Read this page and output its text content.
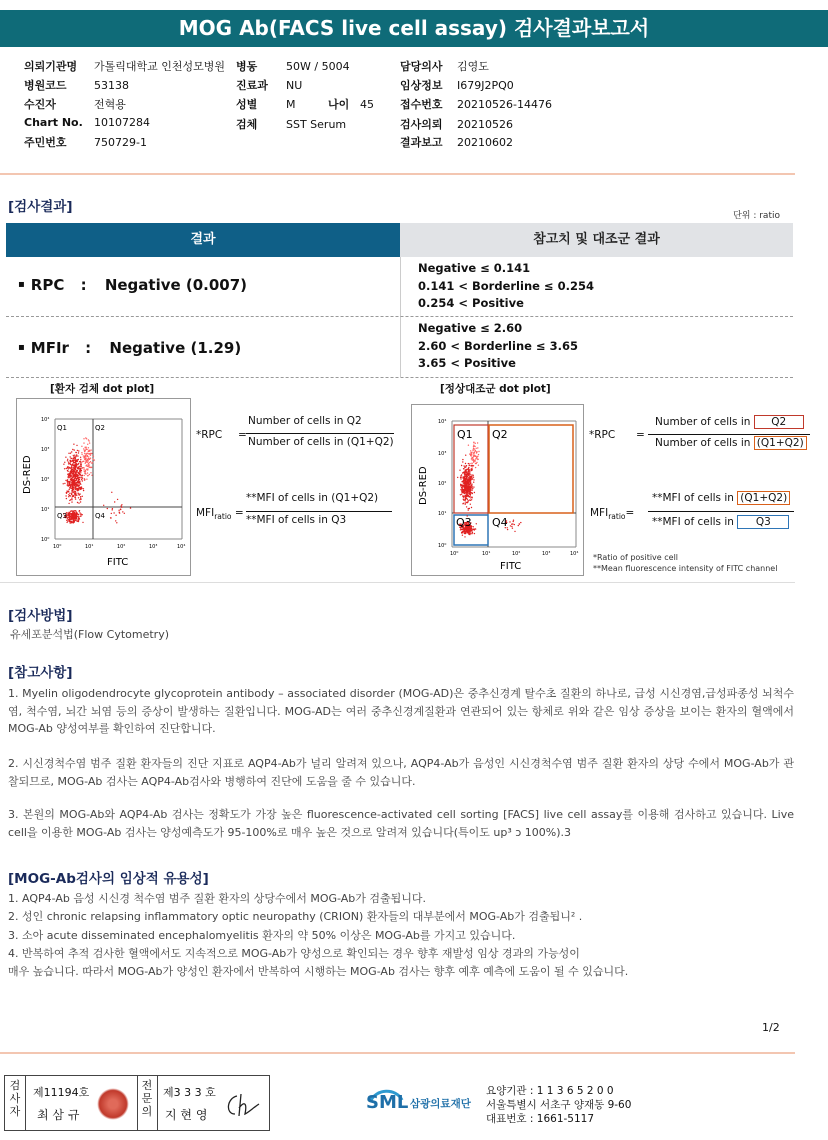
MOG Ab(FACS live cell assay) 검사결과보고서
의뢰기관명 가톨릭대학교 인천성모병원
병원코드 53138
수진자	전혁용
Chart No. 10107284
주민번호 750729-1
병동	50W / 5004
진료과 NU
성별	M	나이 45
검체	SST Serum
담당의사 김영도
임상정보 I679J2PQ0
접수번호 20210526-14476
검사의뢰 20210526
결과보고 20210602
[검사결과]
단위 : ratio
결과	참고치 및 대조군 결과
▪ RPC : Negative (0.007)
Negative ≤ 0.141
0.141 < Borderline ≤ 0.254
0.254 < Positive
▪ MFIr : Negative (1.29)
Negative ≤ 2.60
2.60 < Borderline ≤ 3.65
3.65 < Positive
[환자 검체 dot plot]	[정상대조군 dot plot]
Q1	Q2
Q3	Q4
10⁴
10³
10²
10¹
10⁰
10⁰	10¹	10²	10³	10⁴
DS-RED
FITC
*RPC =
Number of cells in Q2
Number of cells in (Q1+Q2)
$MFI_{ratio}$ =
**MFI of cells in (Q1+Q2)
**MFI of cells in Q3
Q1 Q2
Q3 Q4
10⁴
10³
10²
10¹
10⁰
10⁰	10¹	10²	10³	10⁴
DS-RED
FITC
*RPC =
Number of cells in Q2
Number of cells in (Q1+Q2)
$MFI_{ratio}=$
**MFI of cells in (Q1+Q2)
**MFI of cells in Q3
*Ratio of positive cell
**Mean fluorescence intensity of FITC channel
[검사방법]
유세포분석법(Flow Cytometry)
[참고사항]
1. Myelin oligodendrocyte glycoprotein antibody – associated disorder (MOG-AD)은 중추신경계 탈수초 질환의 하나로, 급성 시신경염,급성파종성 뇌척수염, 척수염, 뇌간 뇌염 등의 증상이 발생하는 질환입니다. MOG-AD는 여러 중추신경계질환과 연관되어 있는 항체로 위와 같은 임상 증상을 보이는 환자의 혈액에서 MOG-Ab 양성여부를 확인하여 진단합니다.
2. 시신경척수염 범주 질환 환자들의 진단 지표로 AQP4-Ab가 널리 알려져 있으나, AQP4-Ab가 음성인 시신경척수염 범주 질환 환자의 상당 수에서 MOG-Ab가 관찰되므로, MOG-Ab 검사는 AQP4-Ab검사와 병행하여 진단에 도움을 줄 수 있습니다.
3. 본원의 MOG-Ab와 AQP4-Ab 검사는 정확도가 가장 높은 fluorescence-activated cell sorting [FACS] live cell assay를 이용해 검사하고 있습니다. Live cell을 이용한 MOG-Ab 검사는 양성예측도가 95-100%로 매우 높은 것으로 알려져 있습니다(특이도 up³ ɔ 100%).3
[MOG-Ab검사의 임상적 유용성]
1. AQP4-Ab 음성 시신경 척수염 범주 질환 환자의 상당수에서 MOG-Ab가 검출됩니다.
2. 성인 chronic relapsing inflammatory optic neuropathy (CRION) 환자들의 대부분에서 MOG-Ab가 검출됩니² .
3. 소아 acute disseminated encephalomyelitis 환자의 약 50% 이상은 MOG-Ab를 가지고 있습니다.
4. 반복하여 추적 검사한 혈액에서도 지속적으로 MOG-Ab가 양성으로 확인되는 경우 향후 재발성 임상 경과의 가능성이
매우 높습니다. 따라서 MOG-Ab가 양성인 환자에서 반복하여 시행하는 MOG-Ab 검사는 향후 예후 예측에 도움이 될 수 있습니다.
1/2
검사자
제11194호
최 삼 규
전문의
제3 3 3 호
지 현 영
SML 삼광의료재단
요양기관 : 1 1 3 6 5 2 0 0
서울특별시 서초구 양재동 9-60
대표번호 : 1661-5117
